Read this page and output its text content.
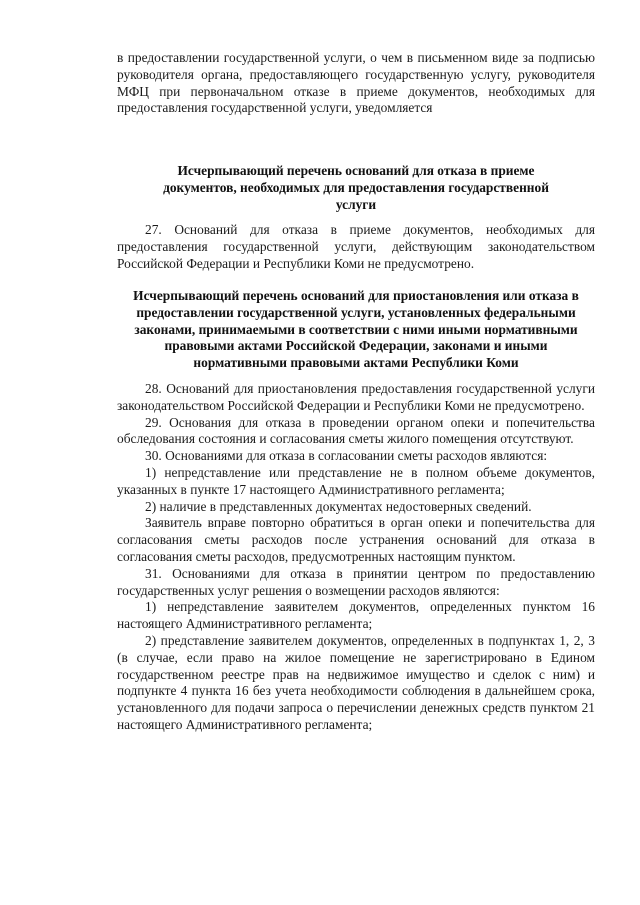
в предоставлении государственной услуги, о чем в письменном виде за подписью руководителя органа, предоставляющего государственную услугу, руководителя МФЦ при первоначальном отказе в приеме документов, необходимых для предоставления государственной услуги, уведомляется

Исчерпывающий перечень оснований для отказа в приеме документов, необходимых для предоставления государственной услуги

27. Оснований для отказа в приеме документов, необходимых для предоставления государственной услуги, действующим законодательством Российской Федерации и Республики Коми не предусмотрено.

Исчерпывающий перечень оснований для приостановления или отказа в предоставлении государственной услуги, установленных федеральными законами, принимаемыми в соответствии с ними иными нормативными правовыми актами Российской Федерации, законами и иными нормативными правовыми актами Республики Коми

28. Оснований для приостановления предоставления государственной услуги законодательством Российской Федерации и Республики Коми не предусмотрено.

29. Основания для отказа в проведении органом опеки и попечительства обследования состояния и согласования сметы жилого помещения отсутствуют.

30. Основаниями для отказа в согласовании сметы расходов являются:

1) непредставление или представление не в полном объеме документов, указанных в пункте 17 настоящего Административного регламента;

2) наличие в представленных документах недостоверных сведений.

Заявитель вправе повторно обратиться в орган опеки и попечительства для согласования сметы расходов после устранения оснований для отказа в согласования сметы расходов, предусмотренных настоящим пунктом.

31. Основаниями для отказа в принятии центром по предоставлению государственных услуг решения о возмещении расходов являются:

1) непредставление заявителем документов, определенных пунктом 16 настоящего Административного регламента;

2) представление заявителем документов, определенных в подпунктах 1, 2, 3 (в случае, если право на жилое помещение не зарегистрировано в Едином государственном реестре прав на недвижимое имущество и сделок с ним) и подпункте 4 пункта 16 без учета необходимости соблюдения в дальнейшем срока, установленного для подачи запроса о перечислении денежных средств пунктом 21 настоящего Административного регламента;
